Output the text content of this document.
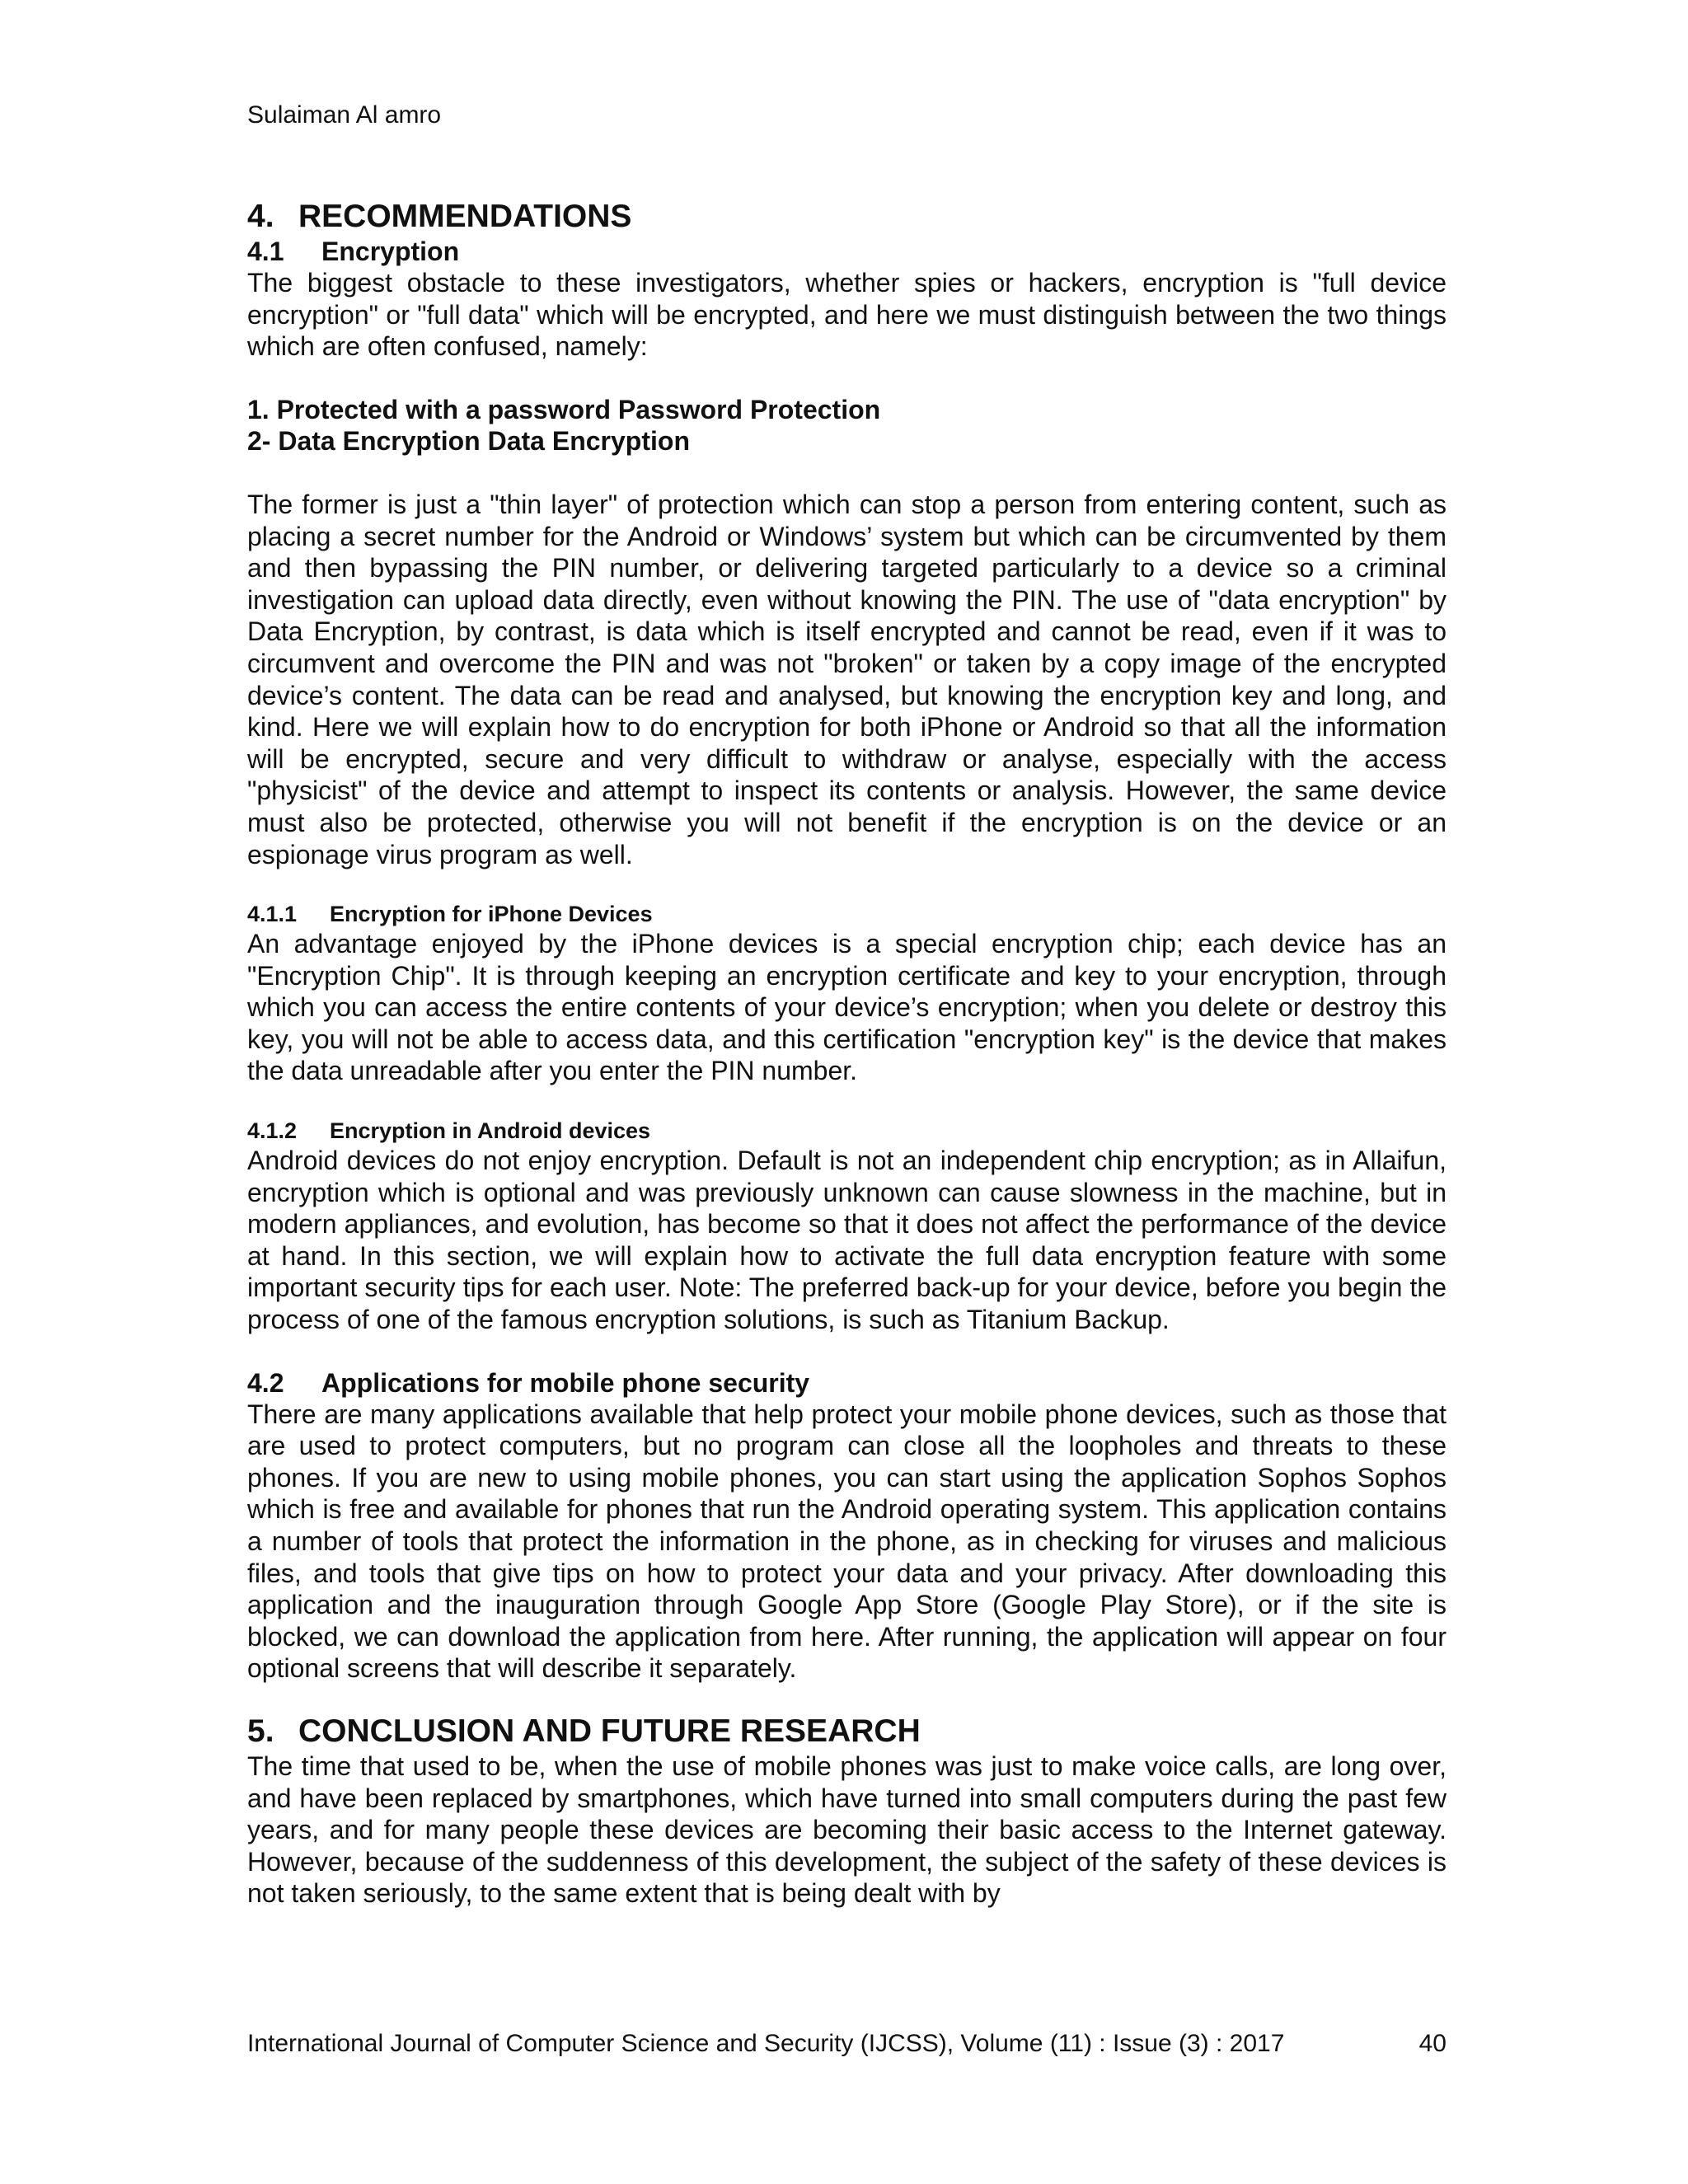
Sulaiman Al amro
4. RECOMMENDATIONS
4.1 Encryption

The biggest obstacle to these investigators, whether spies or hackers, encryption is "full device encryption" or "full data" which will be encrypted, and here we must distinguish between the two things which are often confused, namely:

1. Protected with a password Password Protection

2- Data Encryption Data Encryption

The former is just a "thin layer" of protection which can stop a person from entering content, such as placing a secret number for the Android or Windows’ system but which can be circumvented by them and then bypassing the PIN number, or delivering targeted particularly to a device so a criminal investigation can upload data directly, even without knowing the PIN. The use of "data encryption" by Data Encryption, by contrast, is data which is itself encrypted and cannot be read, even if it was to circumvent and overcome the PIN and was not "broken" or taken by a copy image of the encrypted device’s content. The data can be read and analysed, but knowing the encryption key and long, and kind. Here we will explain how to do encryption for both iPhone or Android so that all the information will be encrypted, secure and very difficult to withdraw or analyse, especially with the access "physicist" of the device and attempt to inspect its contents or analysis. However, the same device must also be protected, otherwise you will not benefit if the encryption is on the device or an espionage virus program as well.

4.1.1 Encryption for iPhone Devices

An advantage enjoyed by the iPhone devices is a special encryption chip; each device has an "Encryption Chip". It is through keeping an encryption certificate and key to your encryption, through which you can access the entire contents of your device’s encryption; when you delete or destroy this key, you will not be able to access data, and this certification "encryption key" is the device that makes the data unreadable after you enter the PIN number.

4.1.2 Encryption in Android devices

Android devices do not enjoy encryption. Default is not an independent chip encryption; as in Allaifun, encryption which is optional and was previously unknown can cause slowness in the machine, but in modern appliances, and evolution, has become so that it does not affect the performance of the device at hand. In this section, we will explain how to activate the full data encryption feature with some important security tips for each user. Note: The preferred back-up for your device, before you begin the process of one of the famous encryption solutions, is such as Titanium Backup.

4.2 Applications for mobile phone security

There are many applications available that help protect your mobile phone devices, such as those that are used to protect computers, but no program can close all the loopholes and threats to these phones. If you are new to using mobile phones, you can start using the application Sophos Sophos which is free and available for phones that run the Android operating system. This application contains a number of tools that protect the information in the phone, as in checking for viruses and malicious files, and tools that give tips on how to protect your data and your privacy. After downloading this application and the inauguration through Google App Store (Google Play Store), or if the site is blocked, we can download the application from here. After running, the application will appear on four optional screens that will describe it separately.

5. CONCLUSION AND FUTURE RESEARCH

The time that used to be, when the use of mobile phones was just to make voice calls, are long over, and have been replaced by smartphones, which have turned into small computers during the past few years, and for many people these devices are becoming their basic access to the Internet gateway. However, because of the suddenness of this development, the subject of the safety of these devices is not taken seriously, to the same extent that is being dealt with by

International Journal of Computer Science and Security (IJCSS), Volume (11) : Issue (3) : 2017	40
